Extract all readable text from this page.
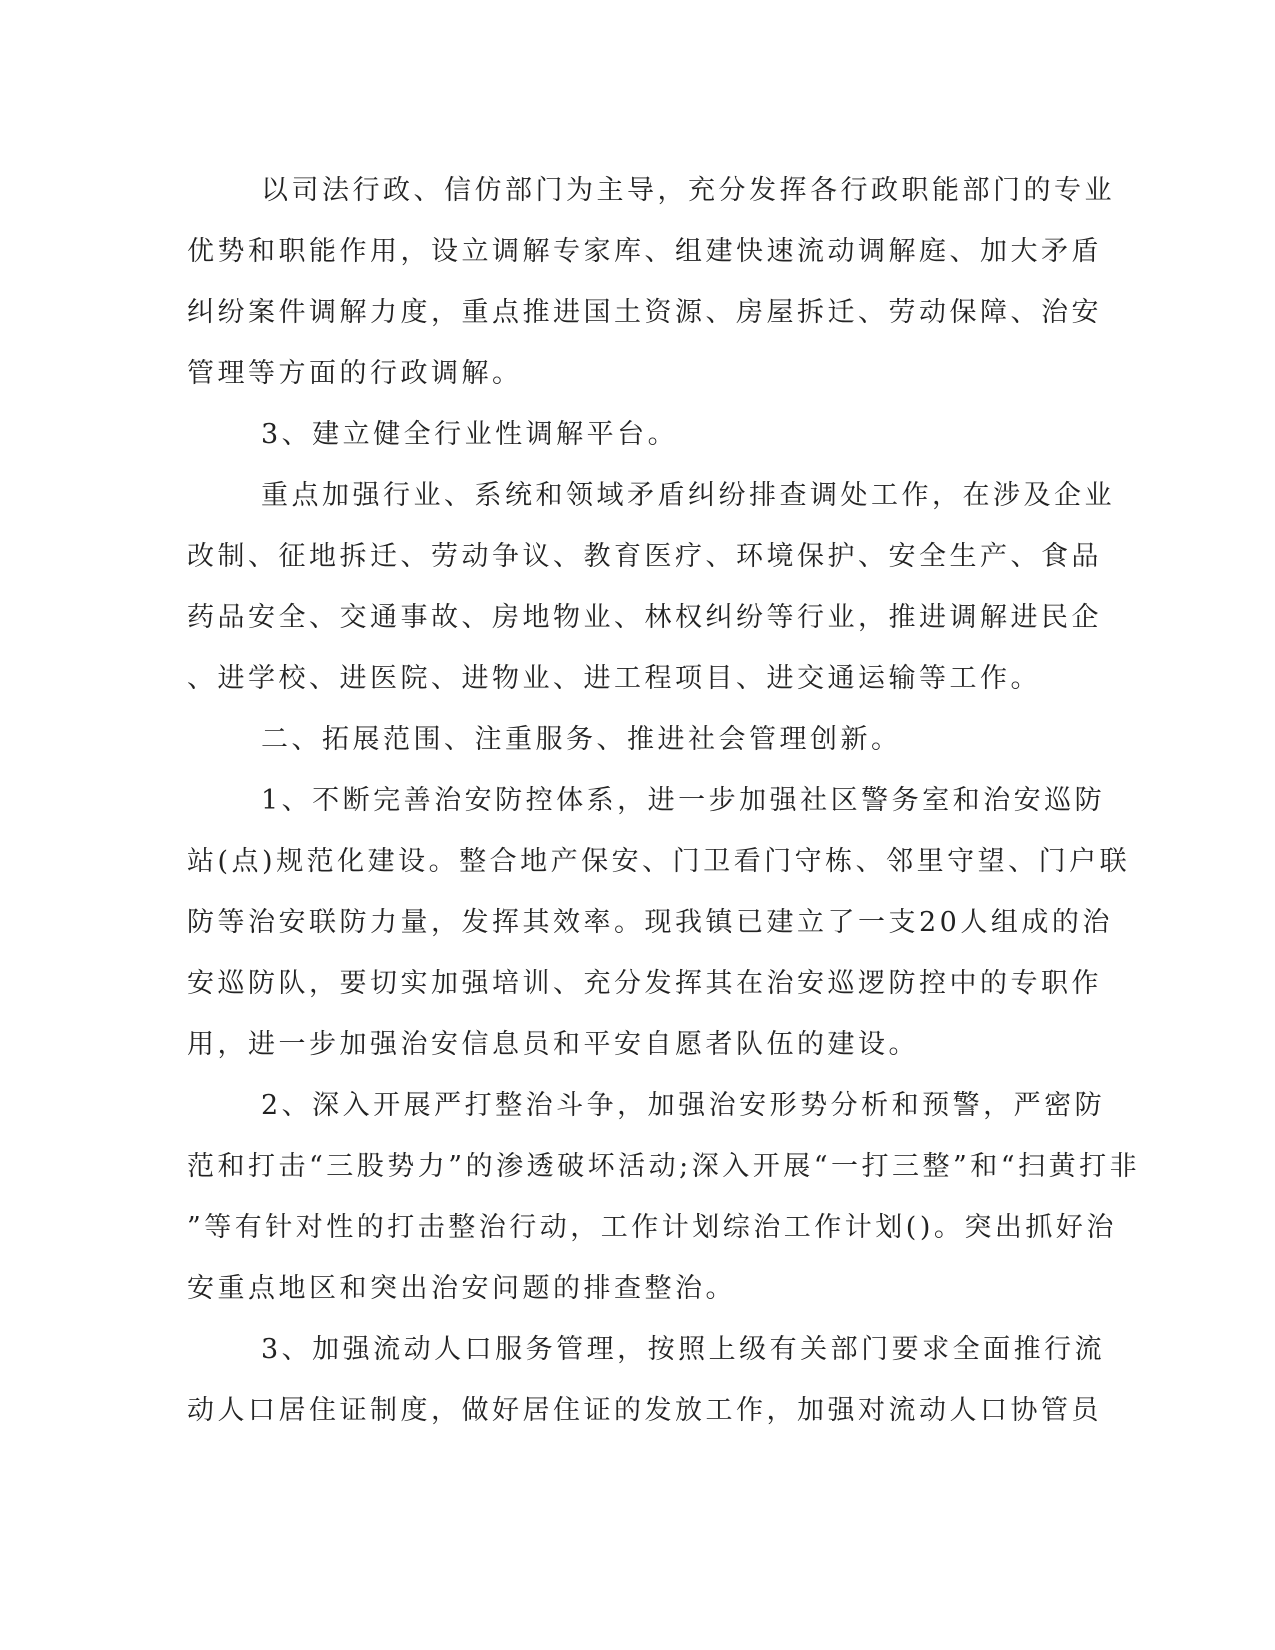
以司法行政、信仿部门为主导，充分发挥各行政职能部门的专业
优势和职能作用，设立调解专家库、组建快速流动调解庭、加大矛盾
纠纷案件调解力度，重点推进国土资源、房屋拆迁、劳动保障、治安
管理等方面的行政调解。
3、建立健全行业性调解平台。
重点加强行业、系统和领域矛盾纠纷排查调处工作，在涉及企业
改制、征地拆迁、劳动争议、教育医疗、环境保护、安全生产、食品
药品安全、交通事故、房地物业、林权纠纷等行业，推进调解进民企
、进学校、进医院、进物业、进工程项目、进交通运输等工作。
二、拓展范围、注重服务、推进社会管理创新。
1、不断完善治安防控体系，进一步加强社区警务室和治安巡防
站(点)规范化建设。整合地产保安、门卫看门守栋、邻里守望、门户联
防等治安联防力量，发挥其效率。现我镇已建立了一支20人组成的治
安巡防队，要切实加强培训、充分发挥其在治安巡逻防控中的专职作
用，进一步加强治安信息员和平安自愿者队伍的建设。
2、深入开展严打整治斗争，加强治安形势分析和预警，严密防
范和打击“三股势力”的渗透破坏活动;深入开展“一打三整”和“扫黄打非
”等有针对性的打击整治行动，工作计划综治工作计划()。突出抓好治
安重点地区和突出治安问题的排查整治。
3、加强流动人口服务管理，按照上级有关部门要求全面推行流
动人口居住证制度，做好居住证的发放工作，加强对流动人口协管员
